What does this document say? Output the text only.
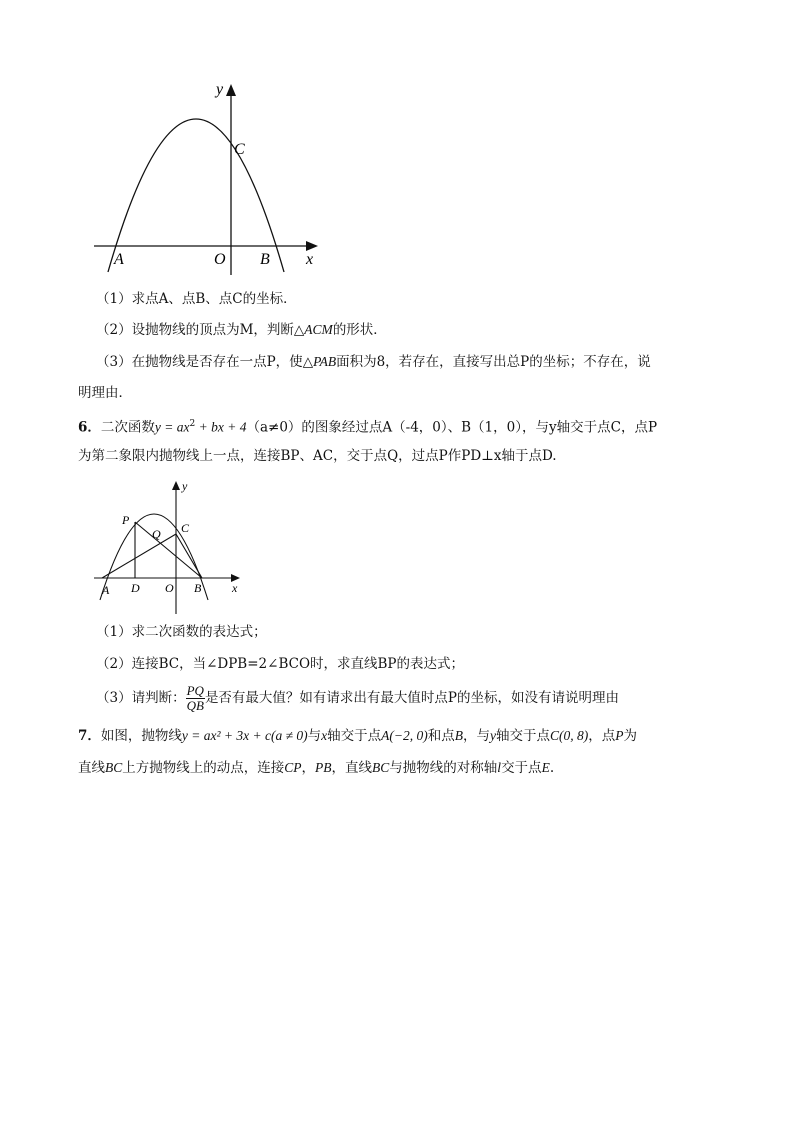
y
x
C
A	O B
（1）求点A、点B、点C的坐标．
（2）设抛物线的顶点为M，判断△ACM的形状．
（3）在抛物线是否存在一点P，使△PAB面积为8，若存在，直接写出总P的坐标；不存在，说
明理由．
6．二次函数$y = ax^2$ + bx + 4（a≠0）的图象经过点A（-4，0）、B（1，0），与y轴交于点C，点P
为第二象限内抛物线上一点，连接BP、AC，交于点Q，过点P作PD⊥x轴于点D.
y
x
P
C
Q
A D O B
（1）求二次函数的表达式；
（2）连接BC，当∠DPB=2∠BCO时，求直线BP的表达式；
（3）请判断： $\frac{PQ}{QB}$ 是否有最大值？如有请求出有最大值时点P的坐标，如没有请说明理由
7．如图，抛物线y = ax² + 3x + c(a ≠ 0)与x轴交于点A(−2, 0)和点B，与y轴交于点C(0, 8)，点P为
直线BC上方抛物线上的动点，连接CP，PB，直线BC与抛物线的对称轴l交于点E.
